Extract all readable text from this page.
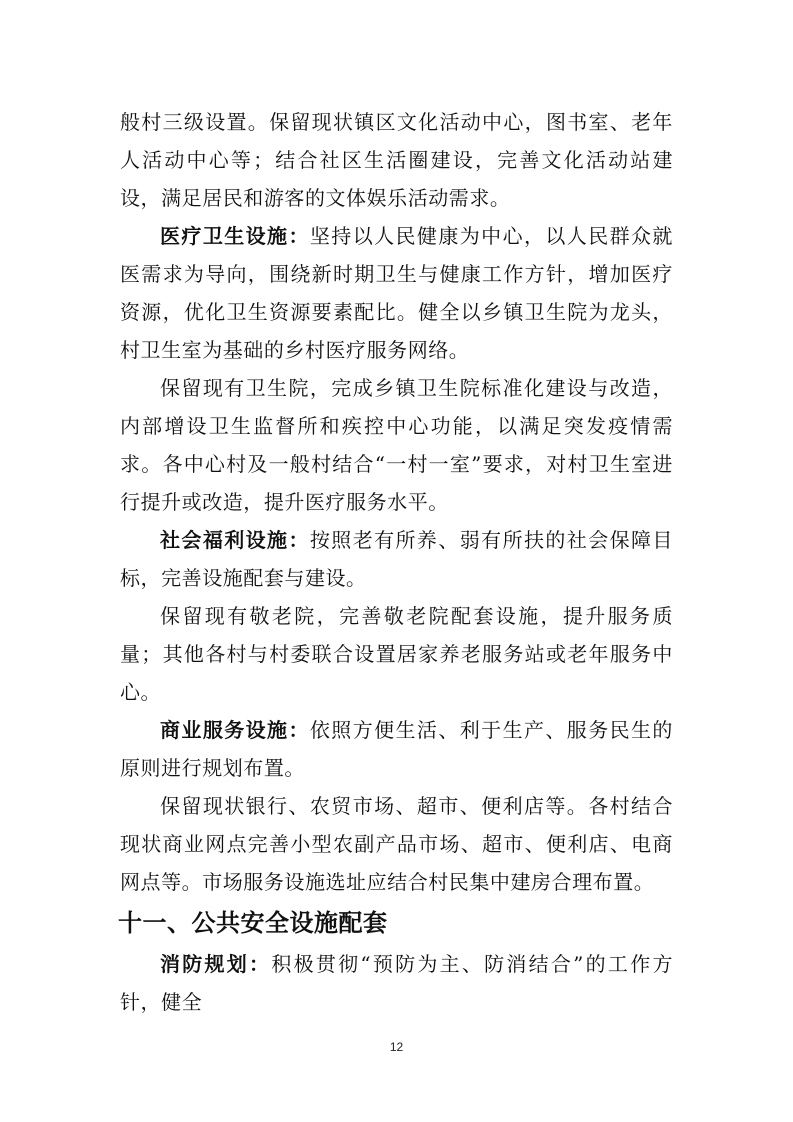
般村三级设置。保留现状镇区文化活动中心，图书室、老年人活动中心等；结合社区生活圈建设，完善文化活动站建设，满足居民和游客的文体娱乐活动需求。

医疗卫生设施：坚持以人民健康为中心，以人民群众就医需求为导向，围绕新时期卫生与健康工作方针，增加医疗资源，优化卫生资源要素配比。健全以乡镇卫生院为龙头，村卫生室为基础的乡村医疗服务网络。

保留现有卫生院，完成乡镇卫生院标准化建设与改造，内部增设卫生监督所和疾控中心功能，以满足突发疫情需求。各中心村及一般村结合“一村一室”要求，对村卫生室进行提升或改造，提升医疗服务水平。

社会福利设施：按照老有所养、弱有所扶的社会保障目标，完善设施配套与建设。

保留现有敬老院，完善敬老院配套设施，提升服务质量；其他各村与村委联合设置居家养老服务站或老年服务中心。

商业服务设施：依照方便生活、利于生产、服务民生的原则进行规划布置。

保留现状银行、农贸市场、超市、便利店等。各村结合现状商业网点完善小型农副产品市场、超市、便利店、电商网点等。市场服务设施选址应结合村民集中建房合理布置。

十一、公共安全设施配套

消防规划：积极贯彻“预防为主、防消结合”的工作方针，健全

12
